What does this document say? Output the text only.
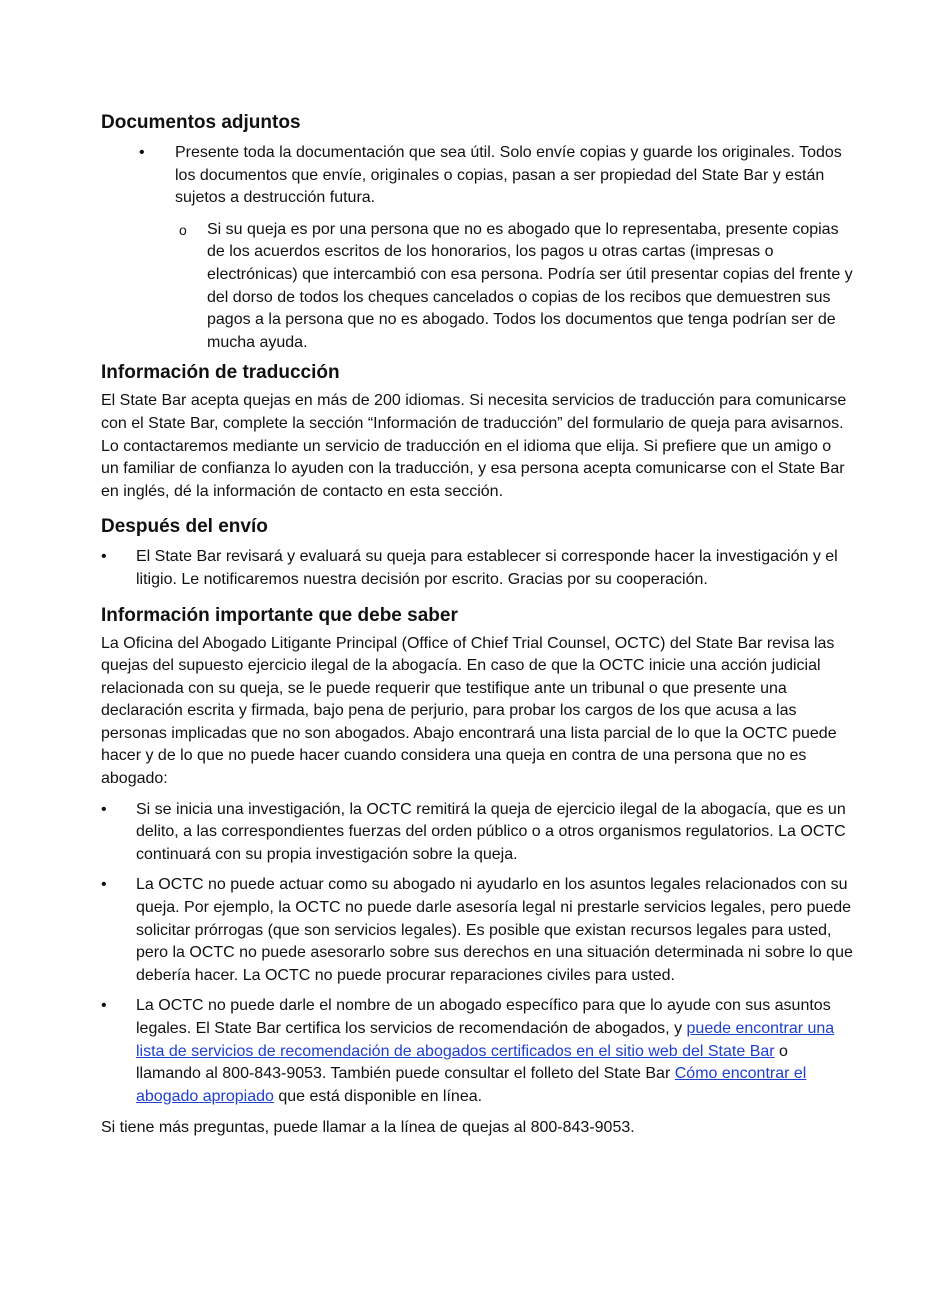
Documentos adjuntos
•	Presente toda la documentación que sea útil. Solo envíe copias y guarde los originales. Todos los documentos que envíe, originales o copias, pasan a ser propiedad del State Bar y están sujetos a destrucción futura.
o	Si su queja es por una persona que no es abogado que lo representaba, presente copias de los acuerdos escritos de los honorarios, los pagos u otras cartas (impresas o electrónicas) que intercambió con esa persona. Podría ser útil presentar copias del frente y del dorso de todos los cheques cancelados o copias de los recibos que demuestren sus pagos a la persona que no es abogado. Todos los documentos que tenga podrían ser de mucha ayuda.
Información de traducción

El State Bar acepta quejas en más de 200 idiomas. Si necesita servicios de traducción para comunicarse con el State Bar, complete la sección “Información de traducción” del formulario de queja para avisarnos. Lo contactaremos mediante un servicio de traducción en el idioma que elija. Si prefiere que un amigo o un familiar de confianza lo ayuden con la traducción, y esa persona acepta comunicarse con el State Bar en inglés, dé la información de contacto en esta sección.

Después del envío
•	El State Bar revisará y evaluará su queja para establecer si corresponde hacer la investigación y el litigio. Le notificaremos nuestra decisión por escrito. Gracias por su cooperación.
Información importante que debe saber

La Oficina del Abogado Litigante Principal (Office of Chief Trial Counsel, OCTC) del State Bar revisa las quejas del supuesto ejercicio ilegal de la abogacía. En caso de que la OCTC inicie una acción judicial relacionada con su queja, se le puede requerir que testifique ante un tribunal o que presente una declaración escrita y firmada, bajo pena de perjurio, para probar los cargos de los que acusa a las personas implicadas que no son abogados. Abajo encontrará una lista parcial de lo que la OCTC puede hacer y de lo que no puede hacer cuando considera una queja en contra de una persona que no es abogado:

•	Si se inicia una investigación, la OCTC remitirá la queja de ejercicio ilegal de la abogacía, que es un delito, a las correspondientes fuerzas del orden público o a otros organismos regulatorios. La OCTC continuará con su propia investigación sobre la queja.
•	La OCTC no puede actuar como su abogado ni ayudarlo en los asuntos legales relacionados con su queja. Por ejemplo, la OCTC no puede darle asesoría legal ni prestarle servicios legales, pero puede solicitar prórrogas (que son servicios legales). Es posible que existan recursos legales para usted, pero la OCTC no puede asesorarlo sobre sus derechos en una situación determinada ni sobre lo que debería hacer. La OCTC no puede procurar reparaciones civiles para usted.
•	La OCTC no puede darle el nombre de un abogado específico para que lo ayude con sus asuntos legales. El State Bar certifica los servicios de recomendación de abogados, y puede encontrar una lista de servicios de recomendación de abogados certificados en el sitio web del State Bar o llamando al 800-843-9053. También puede consultar el folleto del State Bar Cómo encontrar el abogado apropiado que está disponible en línea.

Si tiene más preguntas, puede llamar a la línea de quejas al 800-843-9053.
